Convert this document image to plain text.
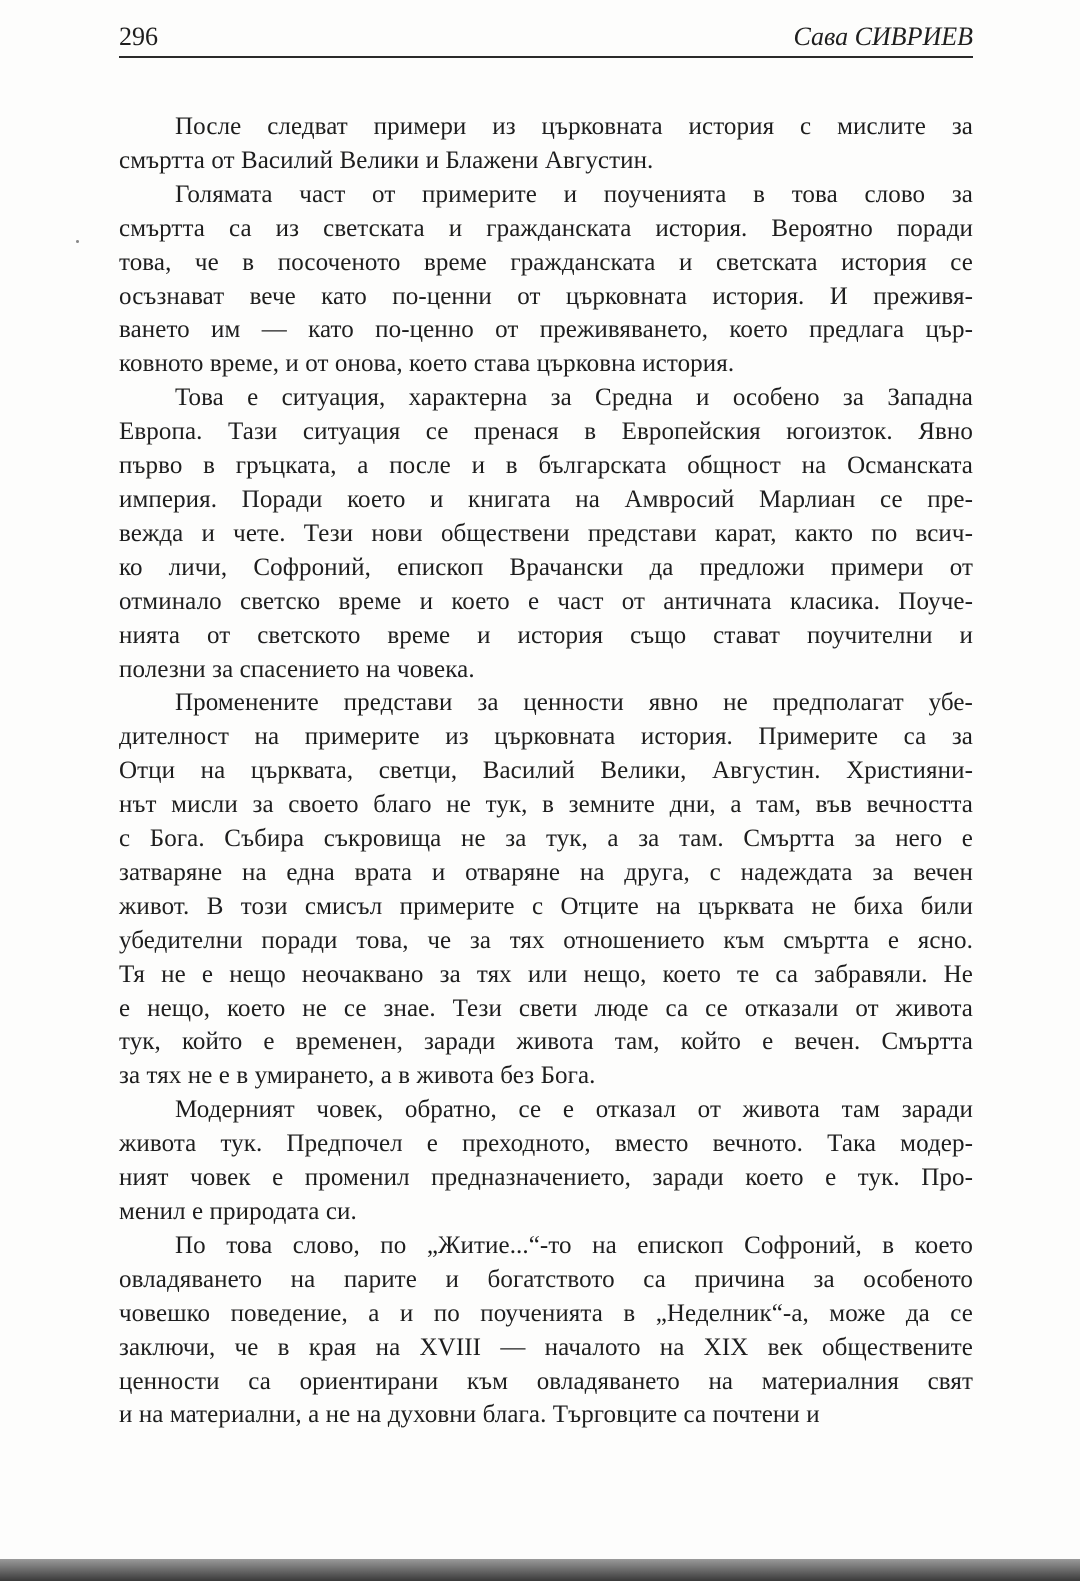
296	Сава СИВРИЕВ

После следват примери из църковната история с мислите за
смъртта от Василий Велики и Блажени Августин.

Голямата част от примерите и поученията в това слово за
смъртта са из светската и гражданската история. Вероятно поради
това, че в посоченото време гражданската и светската история се
осъзнават вече като по-ценни от църковната история. И преживя-
ването им — като по-ценно от преживяването, което предлага цър-
ковното време, и от онова, което става църковна история.

Това е ситуация, характерна за Средна и особено за Западна
Европа. Тази ситуация се пренася в Европейския югоизток. Явно
първо в гръцката, а после и в българската общност на Османската
империя. Поради което и книгата на Амвросий Марлиан се пре-
вежда и чете. Тези нови обществени представи карат, както по всич-
ко личи, Софроний, епископ Врачански да предложи примери от
отминало светско време и което е част от античната класика. Поуче-
нията от светското време и история също стават поучителни и
полезни за спасението на човека.

Променените представи за ценности явно не предполагат убе-
дителност на примерите из църковната история. Примерите са за
Отци на църквата, светци, Василий Велики, Августин. Християни-
нът мисли за своето благо не тук, в земните дни, а там, във вечността
с Бога. Събира съкровища не за тук, а за там. Смъртта за него е
затваряне на една врата и отваряне на друга, с надеждата за вечен
живот. В този смисъл примерите с Отците на църквата не биха били
убедителни поради това, че за тях отношението към смъртта е ясно.
Тя не е нещо неочаквано за тях или нещо, което те са забравяли. Не
е нещо, което не се знае. Тези свети люде са се отказали от живота
тук, който е временен, заради живота там, който е вечен. Смъртта
за тях не е в умирането, а в живота без Бога.

Модерният човек, обратно, се е отказал от живота там заради
живота тук. Предпочел е преходното, вместо вечното. Така модер-
ният човек е променил предназначението, заради което е тук. Про-
менил е природата си.

По това слово, по „Житие...“-то на епископ Софроний, в което
овладяването на парите и богатството са причина за особеното
човешко поведение, а и по поученията в „Неделник“-а, може да се
заключи, че в края на XVIII — началото на XIX век обществените
ценности са ориентирани към овладяването на материалния свят
и на материални, а не на духовни блага. Търговците са почтени и
